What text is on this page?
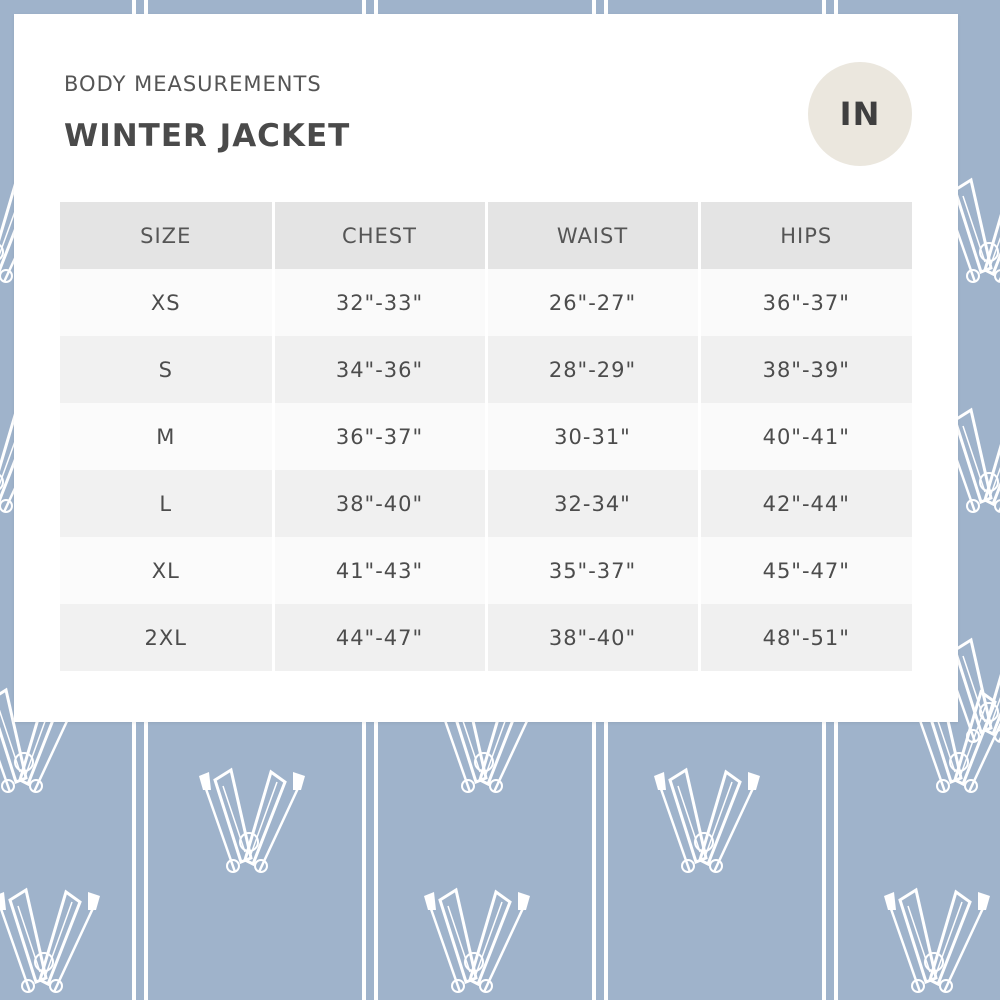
BODY MEASUREMENTS
WINTER JACKET
IN
SIZE	CHEST	WAIST	HIPS
XS	32"-33"	26"-27"	36"-37"
S	34"-36"	28"-29"	38"-39"
M	36"-37"	30-31"	40"-41"
L	38"-40"	32-34"	42"-44"
XL	41"-43"	35"-37"	45"-47"
2XL	44"-47"	38"-40"	48"-51"
